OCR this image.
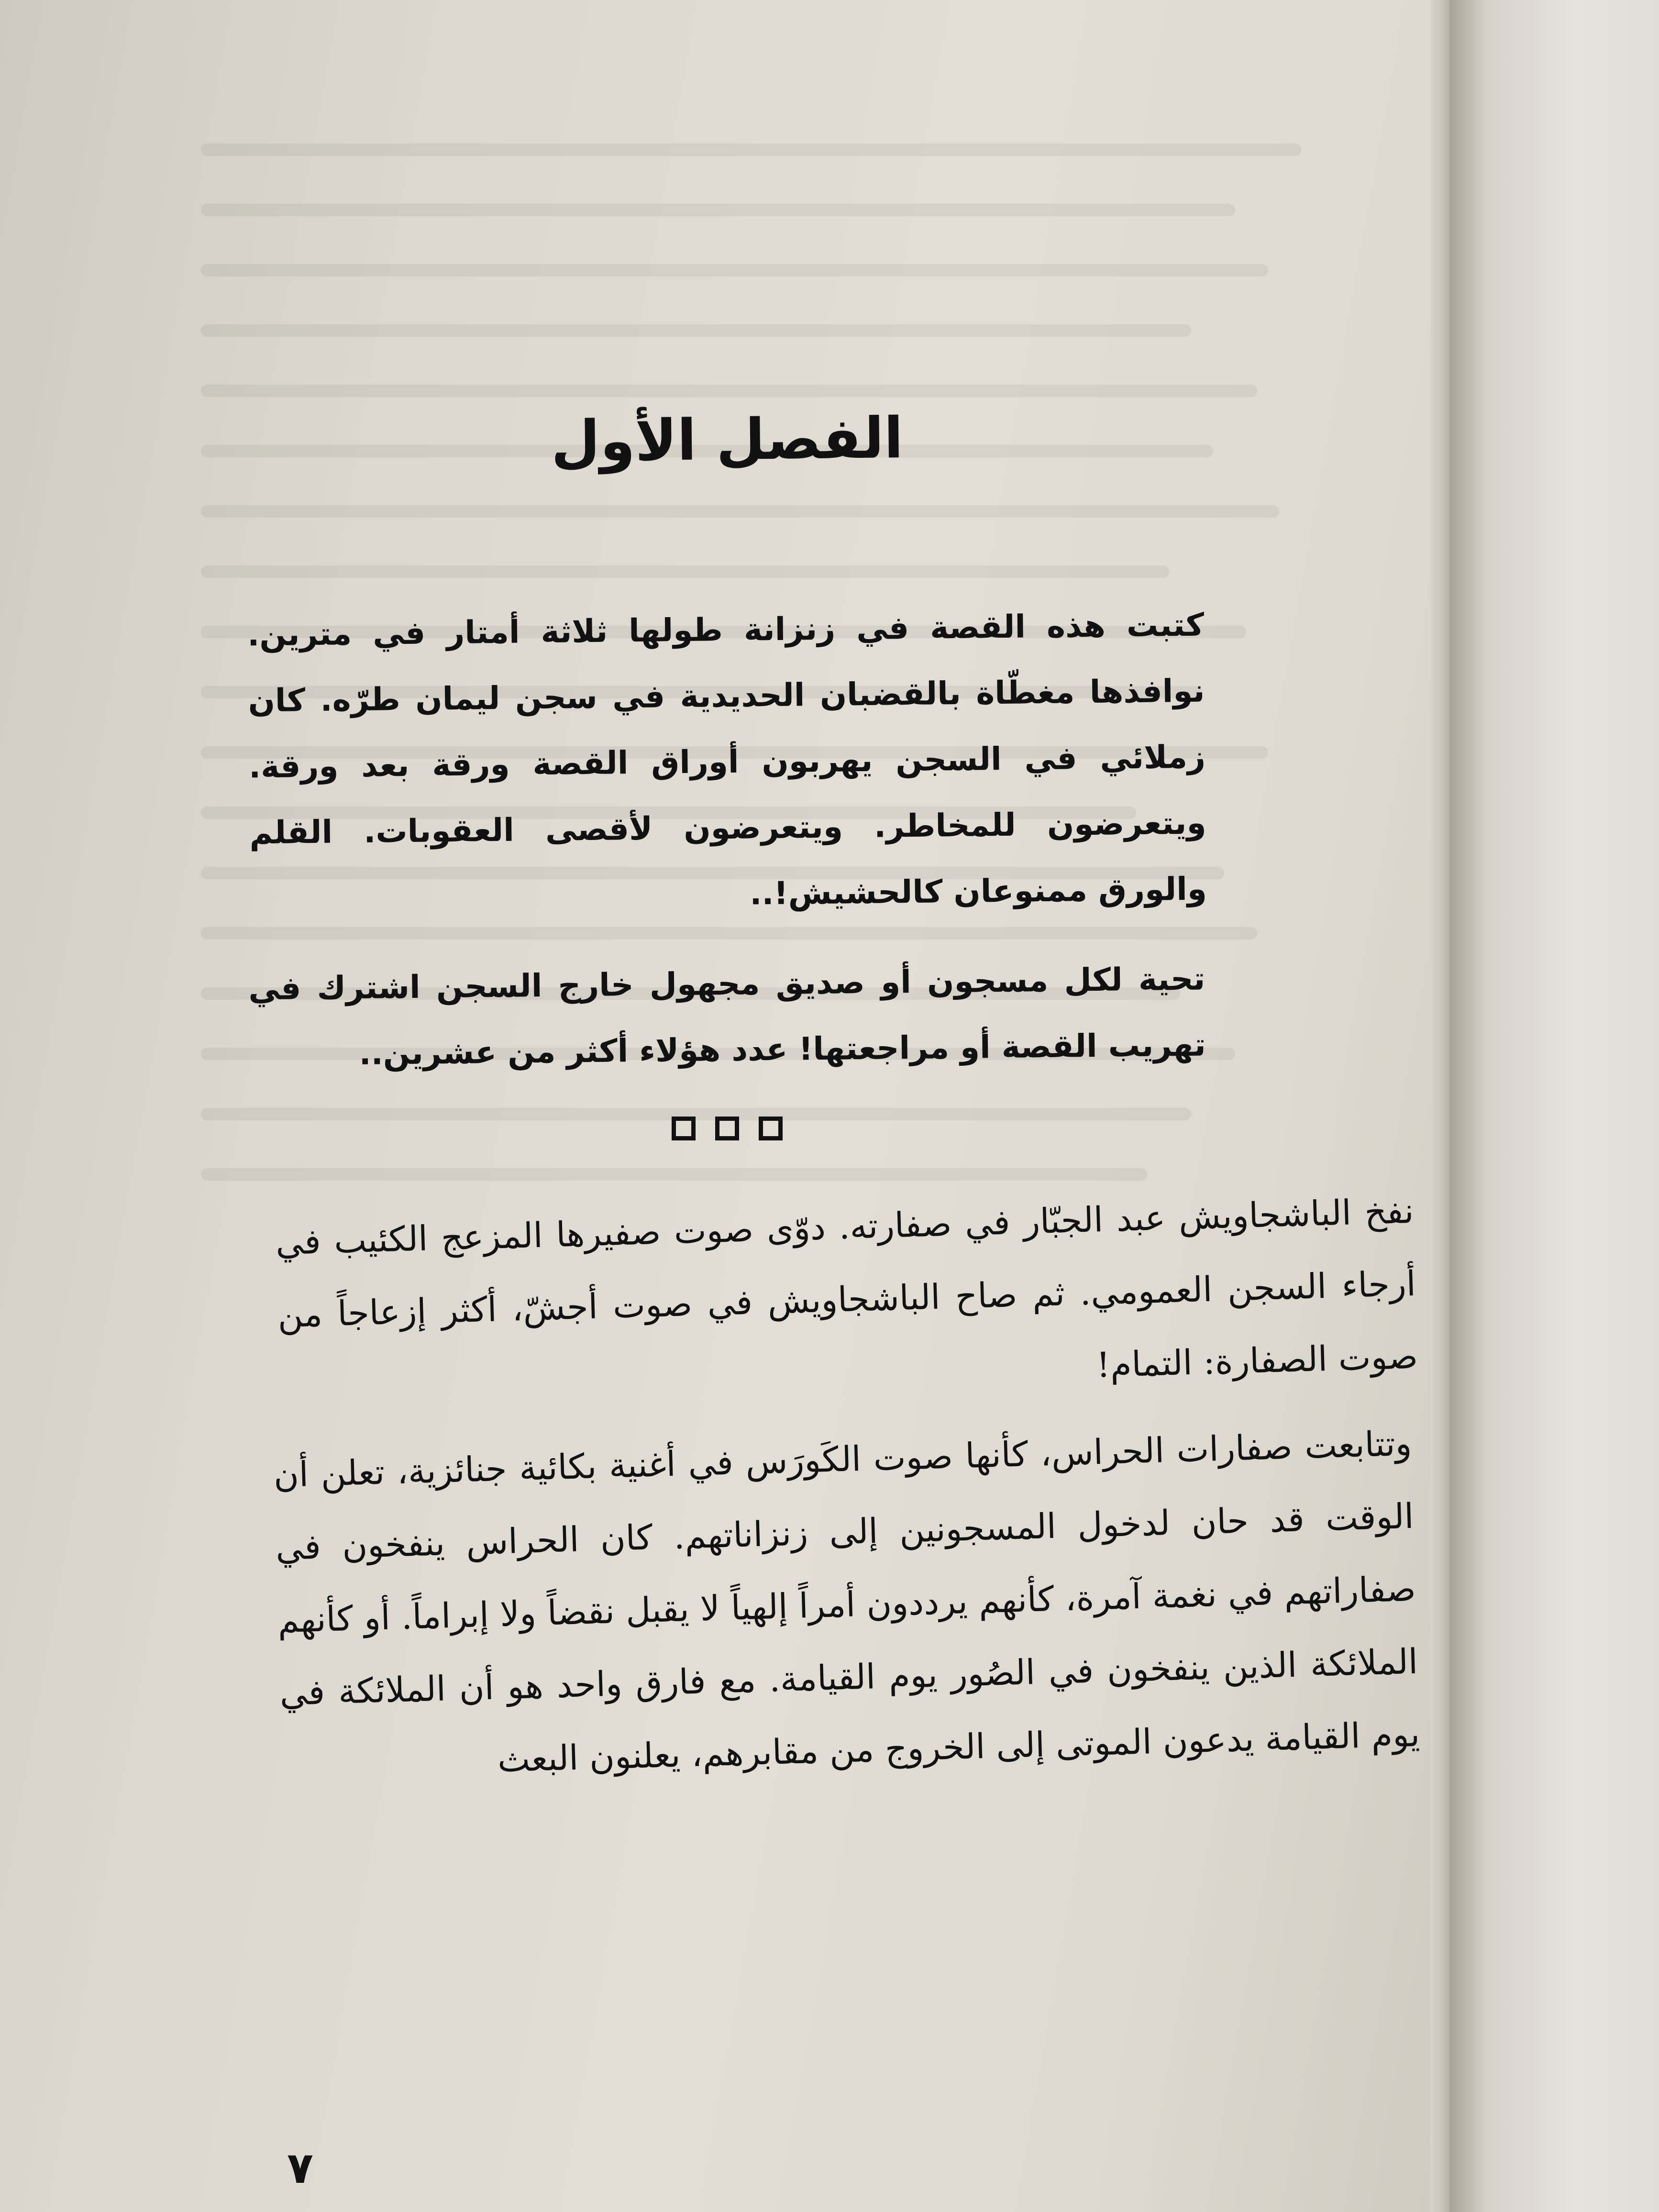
الفصل الأول

كتبت هذه القصة في زنزانة طولها ثلاثة أمتار في مترين. نوافذها مغطّاة بالقضبان الحديدية في سجن ليمان طرّه. كان زملائي في السجن يهربون أوراق القصة ورقة بعد ورقة. ويتعرضون للمخاطر. ويتعرضون لأقصى العقوبات. القلم والورق ممنوعان كالحشيش!..

تحية لكل مسجون أو صديق مجهول خارج السجن اشترك في تهريب القصة أو مراجعتها! عدد هؤلاء أكثر من عشرين..

نفخ الباشجاويش عبد الجبّار في صفارته. دوّى صوت صفيرها المزعج الكئيب في أرجاء السجن العمومي. ثم صاح الباشجاويش في صوت أجشّ، أكثر إزعاجاً من صوت الصفارة: التمام!

وتتابعت صفارات الحراس، كأنها صوت الكَورَس في أغنية بكائية جنائزية، تعلن أن الوقت قد حان لدخول المسجونين إلى زنزاناتهم. كان الحراس ينفخون في صفاراتهم في نغمة آمرة، كأنهم يرددون أمراً إلهياً لا يقبل نقضاً ولا إبراماً. أو كأنهم الملائكة الذين ينفخون في الصُور يوم القيامة. مع فارق واحد هو أن الملائكة في يوم القيامة يدعون الموتى إلى الخروج من مقابرهم، يعلنون البعث

٧
